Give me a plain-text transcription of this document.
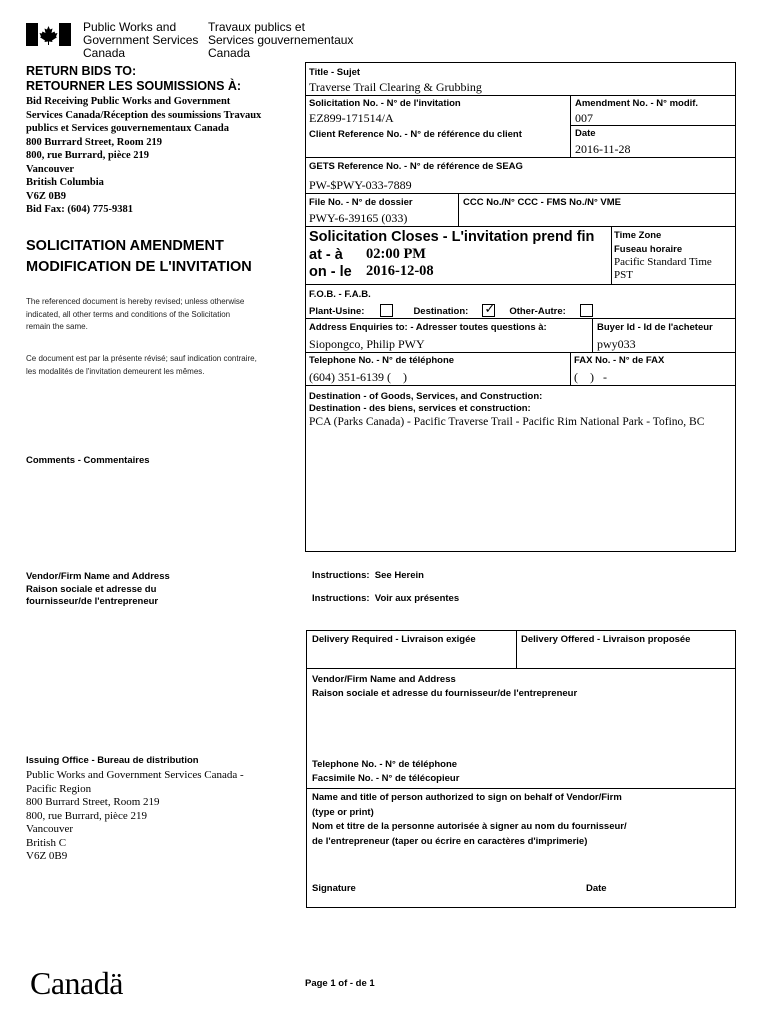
Public Works and
Government Services
Canada
Travaux publics et
Services gouvernementaux
Canada
RETURN BIDS TO:
RETOURNER LES SOUMISSIONS À:
Bid Receiving Public Works and Government
Services Canada/Réception des soumissions Travaux
publics et Services gouvernementaux Canada
800 Burrard Street, Room 219
800, rue Burrard, pièce 219
Vancouver
British Columbia
V6Z 0B9
Bid Fax: (604) 775-9381
SOLICITATION AMENDMENT
MODIFICATION DE L'INVITATION
The referenced document is hereby revised; unless otherwise
indicated, all other terms and conditions of the Solicitation
remain the same.
Ce document est par la présente révisé; sauf indication contraire,
les modalités de l'invitation demeurent les mêmes.
Comments - Commentaires
Vendor/Firm Name and Address
Raison sociale et adresse du
fournisseur/de l'entrepreneur
Issuing Office - Bureau de distribution
Public Works and Government Services Canada -
Pacific Region
800 Burrard Street, Room 219
800, rue Burrard, pièce 219
Vancouver
British C
V6Z 0B9
Title - Sujet
Traverse Trail Clearing & Grubbing
Solicitation No. - N° de l'invitation
EZ899-171514/A
Amendment No. - N° modif.
007
Client Reference No. - N° de référence du client	Date
2016-11-28
GETS Reference No. - N° de référence de SEAG
PW-$PWY-033-7889
File No. - N° de dossier
PWY-6-39165 (033)
CCC No./N° CCC - FMS No./N° VME
Solicitation Closes - L'invitation prend fin
at - à 02:00 PM
on - le 2016-12-08
Time Zone
Fuseau horaire
Pacific Standard Time
PST
F.O.B. - F.A.B.
Plant-Usine:	Destination: ✓ Other-Autre:
Address Enquiries to: - Adresser toutes questions à:
Siopongco, Philip PWY
Buyer Id - Id de l'acheteur
pwy033
Telephone No. - N° de téléphone
(604) 351-6139 (    )
FAX No. - N° de FAX
(    )   -
Destination - of Goods, Services, and Construction:
Destination - des biens, services et construction:
PCA (Parks Canada) - Pacific Traverse Trail - Pacific Rim National Park - Tofino, BC
Instructions:  See Herein
Instructions:  Voir aux présentes
Delivery Required - Livraison exigée	Delivery Offered - Livraison proposée
Vendor/Firm Name and Address
Raison sociale et adresse du fournisseur/de l'entrepreneur
Telephone No. - N° de téléphone
Facsimile No. - N° de télécopieur
Name and title of person authorized to sign on behalf of Vendor/Firm
(type or print)
Nom et titre de la personne autorisée à signer au nom du fournisseur/
de l'entrepreneur (taper ou écrire en caractères d'imprimerie)
Signature	Date
Canadä	Page 1 of - de 1
